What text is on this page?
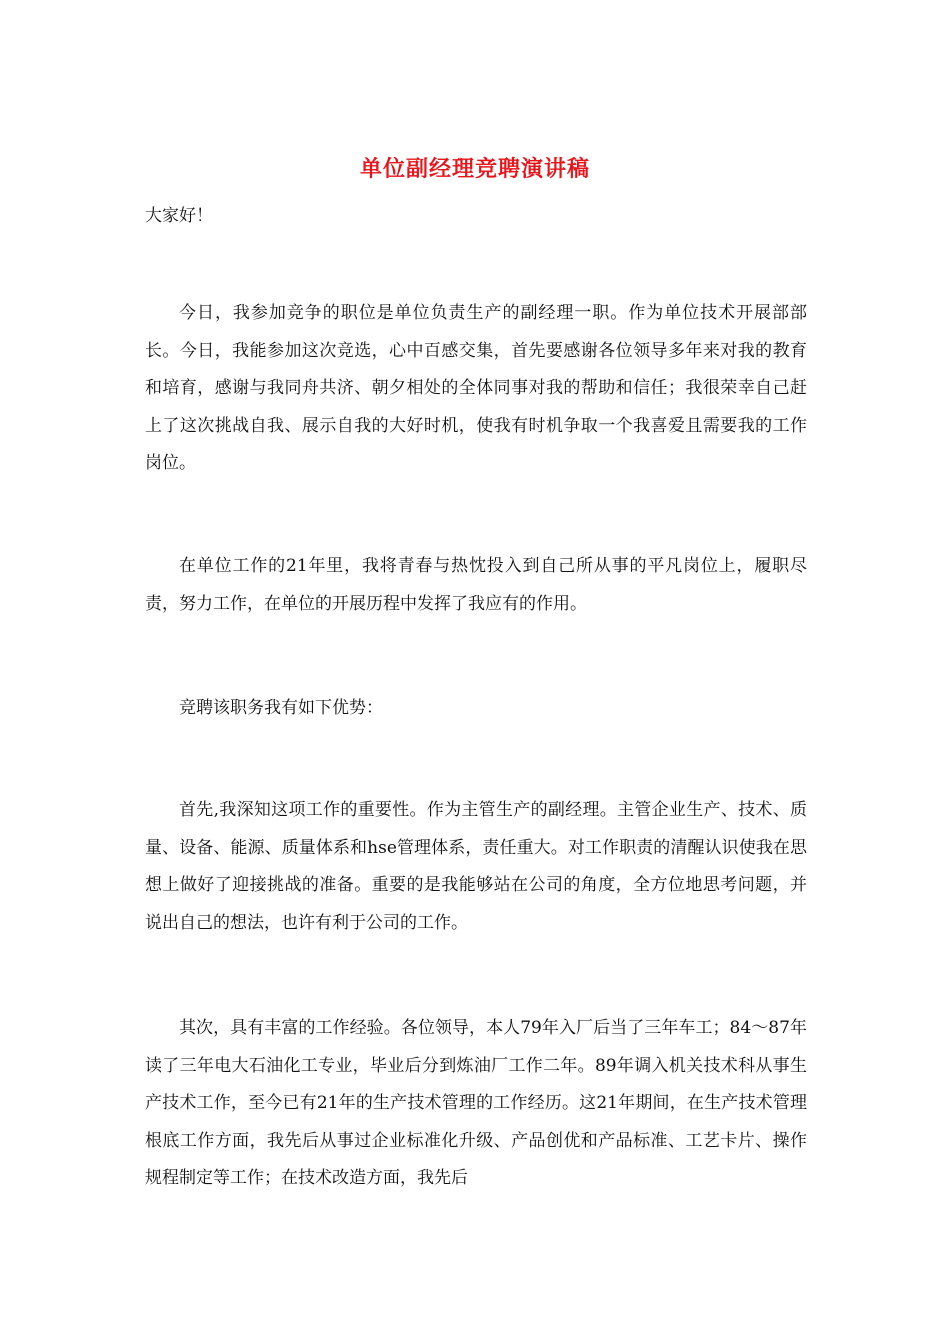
单位副经理竞聘演讲稿
大家好！

今日，我参加竞争的职位是单位负责生产的副经理一职。作为单位技术开展部部长。今日，我能参加这次竞选，心中百感交集，首先要感谢各位领导多年来对我的教育和培育，感谢与我同舟共济、朝夕相处的全体同事对我的帮助和信任；我很荣幸自己赶上了这次挑战自我、展示自我的大好时机，使我有时机争取一个我喜爱且需要我的工作岗位。

在单位工作的21年里，我将青春与热忱投入到自己所从事的平凡岗位上，履职尽责，努力工作，在单位的开展历程中发挥了我应有的作用。

竞聘该职务我有如下优势：

首先,我深知这项工作的重要性。作为主管生产的副经理。主管企业生产、技术、质量、设备、能源、质量体系和hse管理体系，责任重大。对工作职责的清醒认识使我在思想上做好了迎接挑战的准备。重要的是我能够站在公司的角度，全方位地思考问题，并说出自己的想法，也许有利于公司的工作。

其次，具有丰富的工作经验。各位领导，本人79年入厂后当了三年车工；84～87年读了三年电大石油化工专业，毕业后分到炼油厂工作二年。89年调入机关技术科从事生产技术工作，至今已有21年的生产技术管理的工作经历。这21年期间，在生产技术管理根底工作方面，我先后从事过企业标准化升级、产品创优和产品标准、工艺卡片、操作规程制定等工作；在技术改造方面，我先后
